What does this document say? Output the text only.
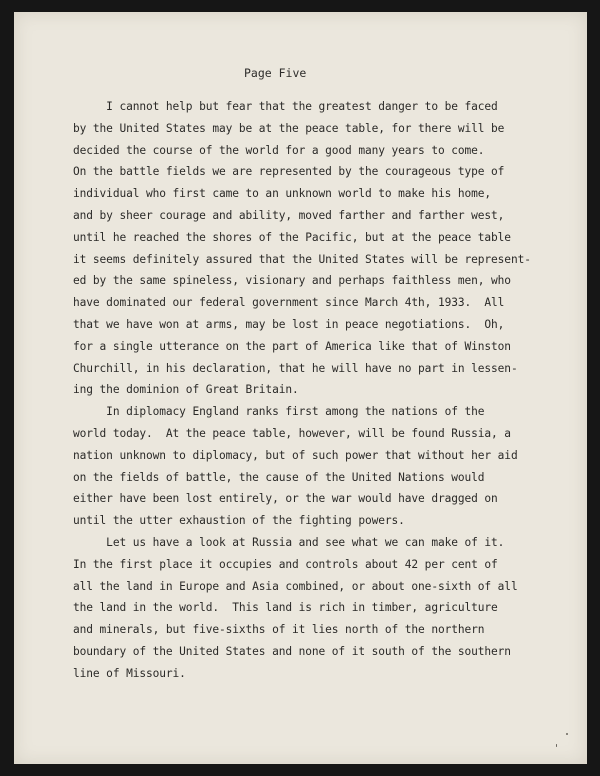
Page Five
I cannot help but fear that the greatest danger to be faced
by the United States may be at the peace table, for there will be
decided the course of the world for a good many years to come.
On the battle fields we are represented by the courageous type of
individual who first came to an unknown world to make his home,
and by sheer courage and ability, moved farther and farther west,
until he reached the shores of the Pacific, but at the peace table
it seems definitely assured that the United States will be represent-
ed by the same spineless, visionary and perhaps faithless men, who
have dominated our federal government since March 4th, 1933.  All
that we have won at arms, may be lost in peace negotiations.  Oh,
for a single utterance on the part of America like that of Winston
Churchill, in his declaration, that he will have no part in lessen-
ing the dominion of Great Britain.
In diplomacy England ranks first among the nations of the
world today.  At the peace table, however, will be found Russia, a
nation unknown to diplomacy, but of such power that without her aid
on the fields of battle, the cause of the United Nations would
either have been lost entirely, or the war would have dragged on
until the utter exhaustion of the fighting powers.
Let us have a look at Russia and see what we can make of it.
In the first place it occupies and controls about 42 per cent of
all the land in Europe and Asia combined, or about one-sixth of all
the land in the world.  This land is rich in timber, agriculture
and minerals, but five-sixths of it lies north of the northern
boundary of the United States and none of it south of the southern
line of Missouri.
